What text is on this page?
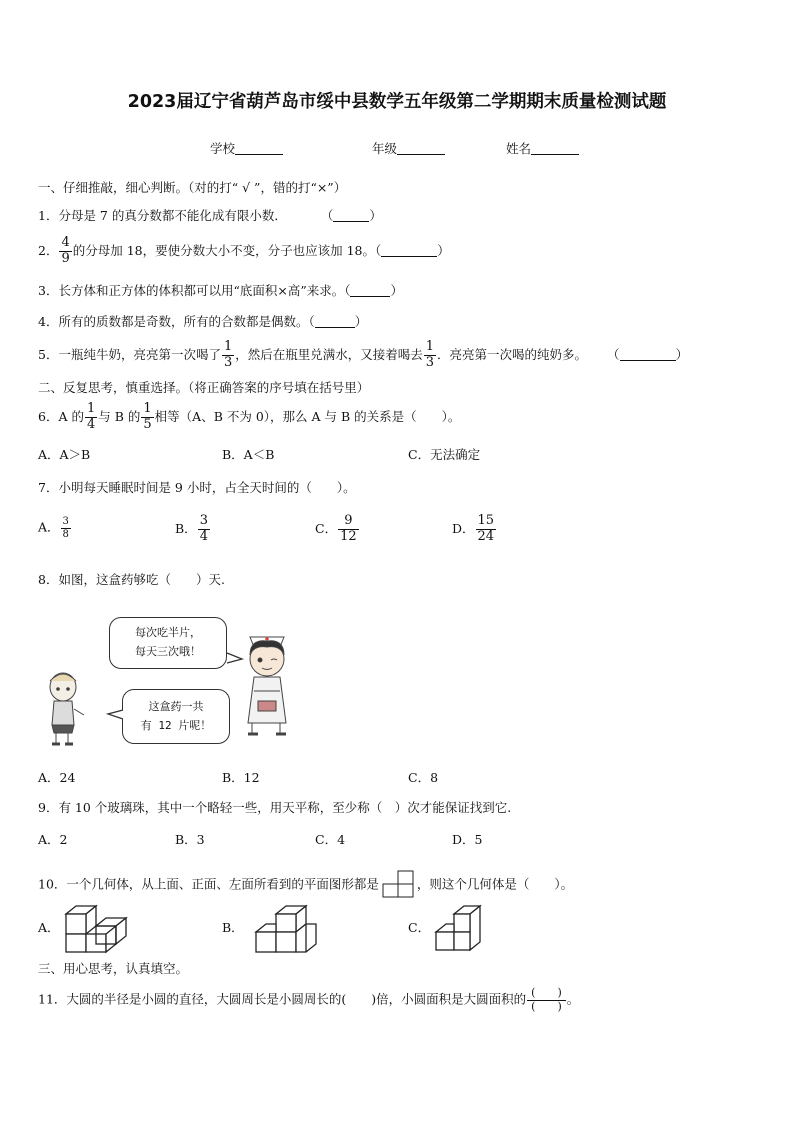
2023届辽宁省葫芦岛市绥中县数学五年级第二学期期末质量检测试题
学校	年级	姓名
一、仔细推敲，细心判断。（对的打“ √ ”，错的打“×”）
1．分母是 7 的真分数都不能化成有限小数．	（	）
2． $\frac{4}{9}$ 的分母加 18，要使分数大小不变，分子也应该加 18。（	）
3．长方体和正方体的体积都可以用“底面积×高”来求。（	）
4．所有的质数都是奇数，所有的合数都是偶数。（	）
5．一瓶纯牛奶，亮亮第一次喝了 $\frac{1}{3}$ ，然后在瓶里兑满水，又接着喝去 $\frac{1}{3}$ ．亮亮第一次喝的纯奶多。 （	）
二、反复思考，慎重选择。（将正确答案的序号填在括号里）
6．A 的 $\frac{1}{4}$ 与 B 的 $\frac{1}{5}$ 相等（A、B 不为 0），那么 A 与 B 的关系是（　　）。
A．A＞B	B．A＜B	C．无法确定
7．小明每天睡眠时间是 9 小时，占全天时间的（　　）。
A． $\frac{3}{8}$	B． $\frac{3}{4}$	C． $\frac{9}{12}$	D． $\frac{15}{24}$
8．如图，这盒药够吃（　　）天.
每次吃半片，
每天三次哦！
这盒药一共
有 12 片呢！
A．24	B．12	C．8
9．有 10 个玻璃珠，其中一个略轻一些，用天平称，至少称（　）次才能保证找到它.
A．2	B．3	C．4	D．5
10．一个几何体，从上面、正面、左面所看到的平面图形都是	，则这个几何体是（　　）。
A．	B．	C．
三、用心思考，认真填空。
11．大圆的半径是小圆的直径，大圆周长是小圆周长的(　　)倍，小圆面积是大圆面积的 $\frac{( )}{( )}$ 。
